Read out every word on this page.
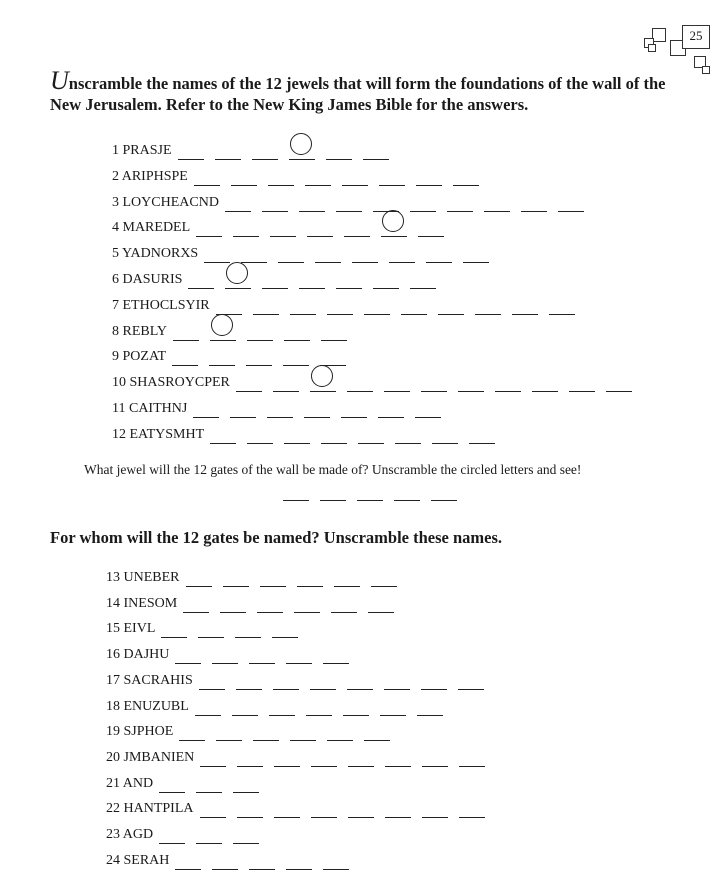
25
Unscramble the names of the 12 jewels that will form the foundations of the wall of the New Jerusalem. Refer to the New King James Bible for the answers.
1 PRASJE
2 ARIPHSPE
3 LOYCHEACND
4 MAREDEL
5 YADNORXS
6 DASURIS
7 ETHOCLSYIR
8 REBLY
9 POZAT
10 SHASROYCPER
11 CAITHNJ
12 EATYSMHT
What jewel will the 12 gates of the wall be made of? Unscramble the circled letters and see!
For whom will the 12 gates be named? Unscramble these names.
13 UNEBER
14 INESOM
15 EIVL
16 DAJHU
17 SACRAHIS
18 ENUZUBL
19 SJPHOE
20 JMBANIEN
21 AND
22 HANTPILA
23 AGD
24 SERAH
